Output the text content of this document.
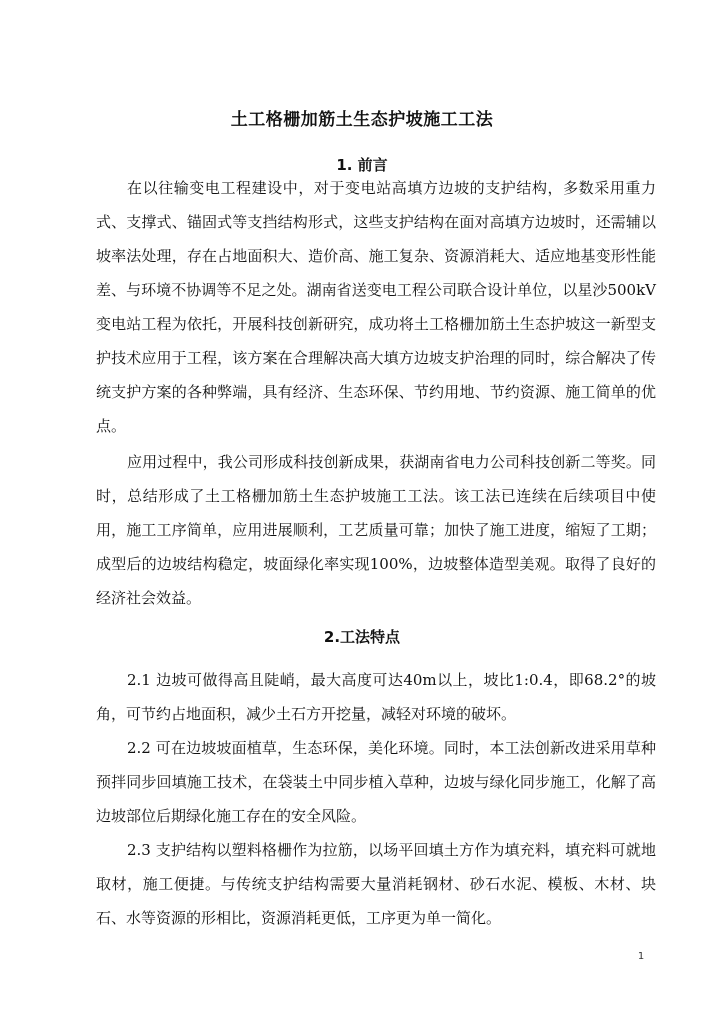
土工格栅加筋土生态护坡施工工法
1. 前言

在以往输变电工程建设中，对于变电站高填方边坡的支护结构，多数采用重力式、支撑式、锚固式等支挡结构形式，这些支护结构在面对高填方边坡时，还需辅以坡率法处理，存在占地面积大、造价高、施工复杂、资源消耗大、适应地基变形性能差、与环境不协调等不足之处。湖南省送变电工程公司联合设计单位，以星沙500kV变电站工程为依托，开展科技创新研究，成功将土工格栅加筋土生态护坡这一新型支护技术应用于工程，该方案在合理解决高大填方边坡支护治理的同时，综合解决了传统支护方案的各种弊端，具有经济、生态环保、节约用地、节约资源、施工简单的优点。

应用过程中，我公司形成科技创新成果，获湖南省电力公司科技创新二等奖。同时，总结形成了土工格栅加筋土生态护坡施工工法。该工法已连续在后续项目中使用，施工工序简单，应用进展顺利，工艺质量可靠；加快了施工进度，缩短了工期；成型后的边坡结构稳定，坡面绿化率实现100%，边坡整体造型美观。取得了良好的经济社会效益。

2.工法特点

2.1 边坡可做得高且陡峭，最大高度可达40m以上，坡比1:0.4，即68.2°的坡角，可节约占地面积，减少土石方开挖量，减轻对环境的破坏。

2.2 可在边坡坡面植草，生态环保，美化环境。同时，本工法创新改进采用草种预拌同步回填施工技术，在袋装土中同步植入草种，边坡与绿化同步施工，化解了高边坡部位后期绿化施工存在的安全风险。

2.3 支护结构以塑料格栅作为拉筋，以场平回填土方作为填充料，填充料可就地取材，施工便捷。与传统支护结构需要大量消耗钢材、砂石水泥、模板、木材、块石、水等资源的形相比，资源消耗更低，工序更为单一简化。

1
